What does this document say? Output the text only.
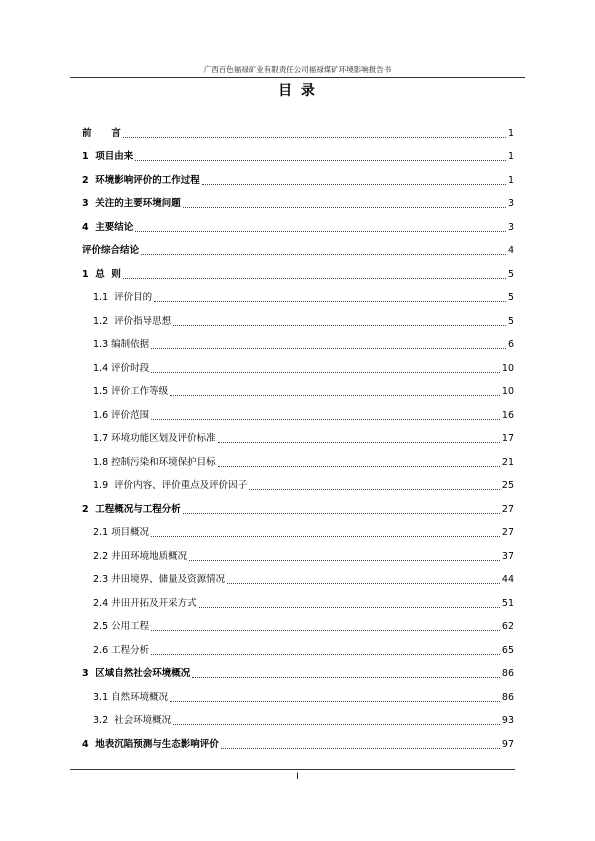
广西百色福禄矿业有限责任公司福禄煤矿环境影响报告书
目 录
前      言	1
1  项目由来	1
2  环境影响评价的工作过程	1
3  关注的主要环境问题	3
4  主要结论	3
评价综合结论	4
1  总  则	5
1.1  评价目的	5
1.2  评价指导思想	5
1.3 编制依据	6
1.4 评价时段	10
1.5 评价工作等级	10
1.6 评价范围	16
1.7 环境功能区划及评价标准	17
1.8 控制污染和环境保护目标	21
1.9  评价内容、评价重点及评价因子	25
2  工程概况与工程分析	27
2.1 项目概况	27
2.2 井田环境地质概况	37
2.3 井田境界、储量及资源情况	44
2.4 井田开拓及开采方式	51
2.5 公用工程	62
2.6 工程分析	65
3  区域自然社会环境概况	86
3.1 自然环境概况	86
3.2  社会环境概况	93
4  地表沉陷预测与生态影响评价	97
I
